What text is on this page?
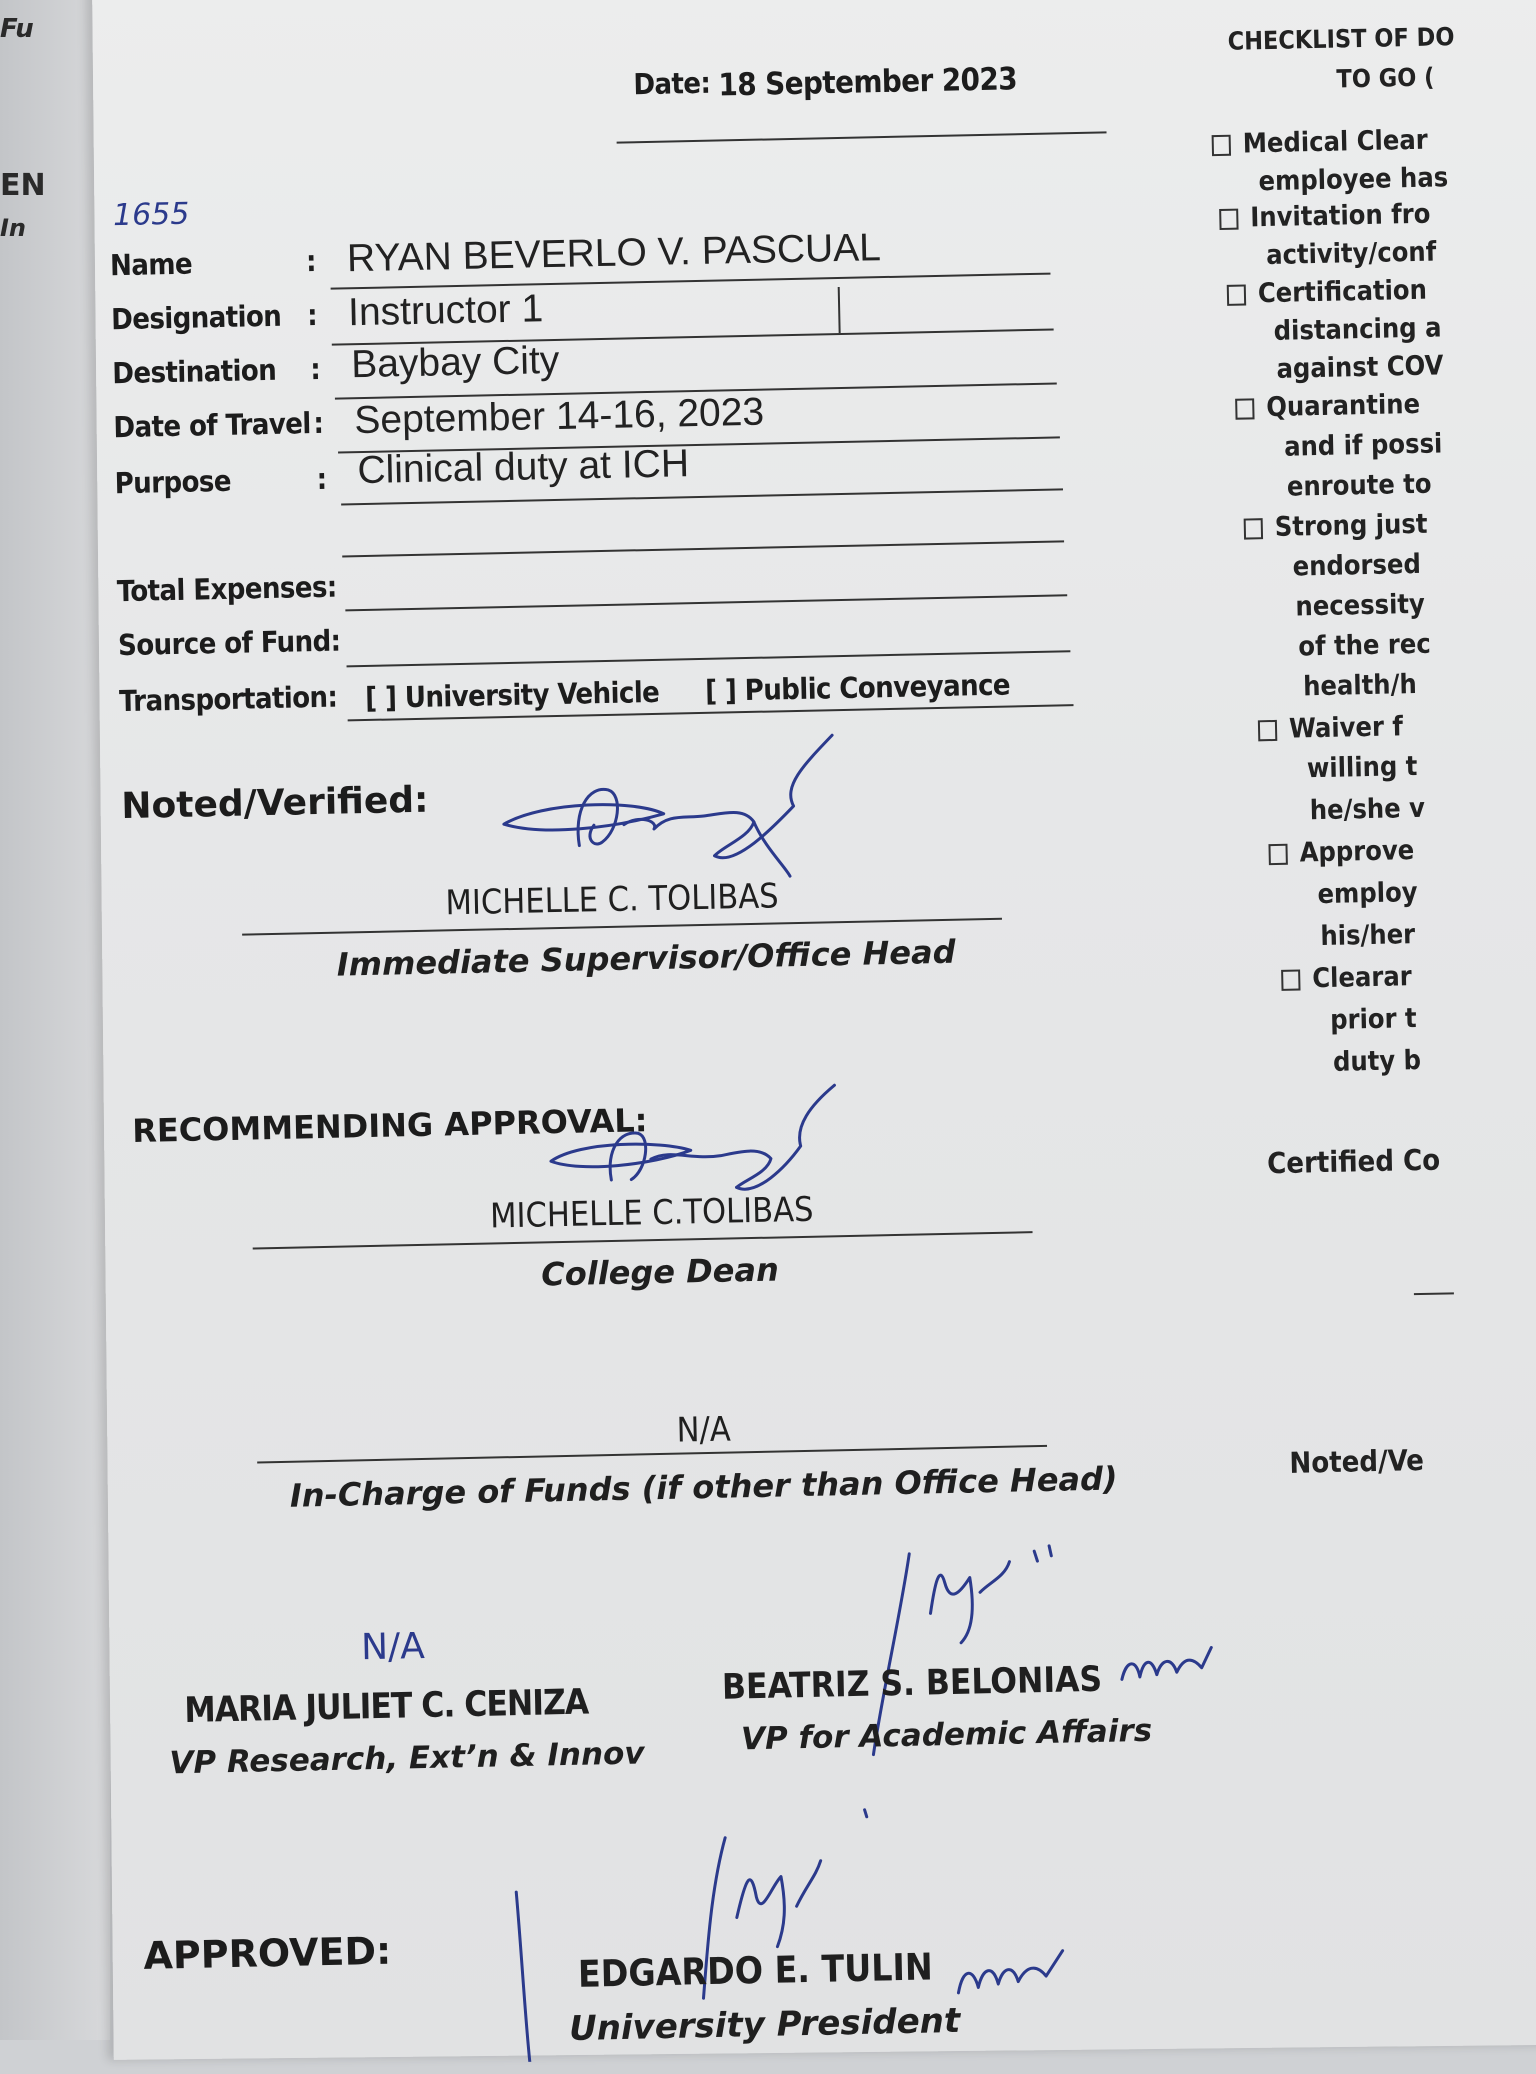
Fu
EN
In
Date: 18 September 2023
1655
Name	: RYAN BEVERLO V. PASCUAL
Designation : Instructor 1
Destination : Baybay City
Date of Travel : September 14-16, 2023
Purpose	: Clinical duty at ICH
Total Expenses:
Source of Fund:
Transportation: [ ] University Vehicle [ ] Public Conveyance
Noted/Verified:
MICHELLE C. TOLIBAS
Immediate Supervisor/Office Head
RECOMMENDING APPROVAL:
MICHELLE C.TOLIBAS
College Dean
N/A
In-Charge of Funds (if other than Office Head)
N/A
MARIA JULIET C. CENIZA
VP Research, Ext’n & Innov
BEATRIZ S. BELONIAS
VP for Academic Affairs
APPROVED:	EDGARDO E. TULIN
University President
CHECKLIST OF DO
TO GO (
Medical Clear
employee has
Invitation fro
activity/conf
Certification
distancing a
against COV
Quarantine
and if possi
enroute to
Strong just
endorsed
necessity
of the rec
health/h
Waiver f
willing t
he/she v
Approve
employ
his/her
Clearar
prior t
duty b
Certified Co
Noted/Ve
